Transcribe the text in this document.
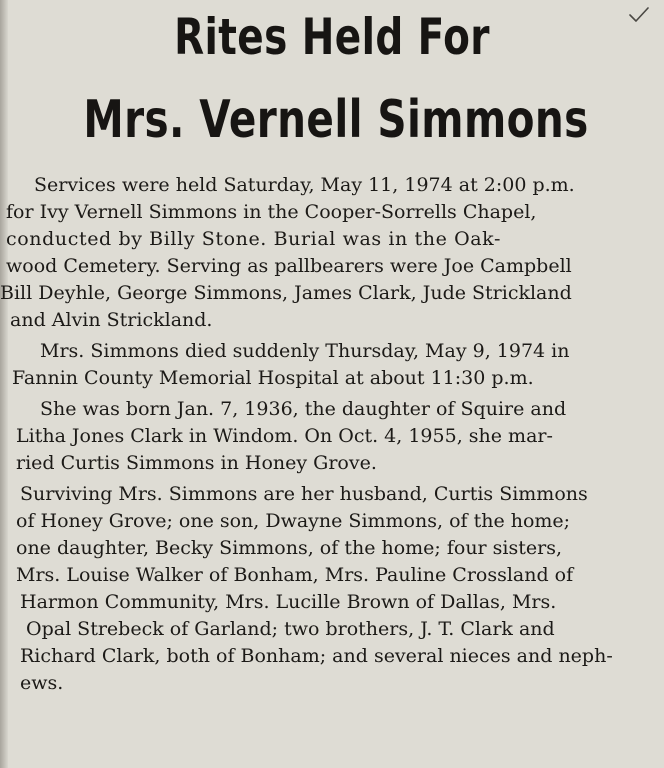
Rites Held For
Mrs. Vernell Simmons
Services were held Saturday, May 11, 1974 at 2:00 p.m.
for Ivy Vernell Simmons in the Cooper-Sorrells Chapel,
conducted by Billy Stone. Burial was in the Oak-
wood Cemetery. Serving as pallbearers were Joe Campbell
Bill Deyhle, George Simmons, James Clark, Jude Strickland
and Alvin Strickland.
Mrs. Simmons died suddenly Thursday, May 9, 1974 in
Fannin County Memorial Hospital at about 11:30 p.m.
She was born Jan. 7, 1936, the daughter of Squire and
Litha Jones Clark in Windom. On Oct. 4, 1955, she mar-
ried Curtis Simmons in Honey Grove.
Surviving Mrs. Simmons are her husband, Curtis Simmons
of Honey Grove; one son, Dwayne Simmons, of the home;
one daughter, Becky Simmons, of the home; four sisters,
Mrs. Louise Walker of Bonham, Mrs. Pauline Crossland of
Harmon Community, Mrs. Lucille Brown of Dallas, Mrs.
Opal Strebeck of Garland; two brothers, J. T. Clark and
Richard Clark, both of Bonham; and several nieces and neph-
ews.
